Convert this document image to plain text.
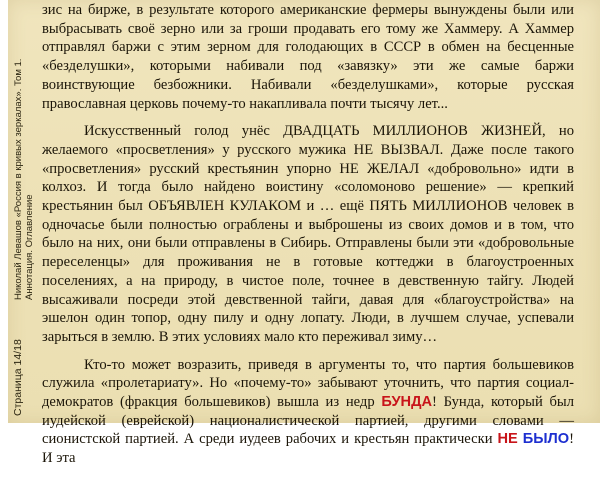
Страница 14/18
Николай Левашов «Россия в кривых зеркалах». Том 1. Аннотация. Оглавление

зис на бирже, в результате которого американские фермеры вынуждены были или выбрасывать своё зерно или за гроши продавать его тому же Хаммеру. А Хаммер отправлял баржи с этим зерном для голодающих в СССР в обмен на бесценные «безделушки», которыми набивали под «завязку» эти же самые баржи воинствующие безбожники. Набивали «безделушками», которые русская православная церковь почему-то накапливала почти тысячу лет...

Искусственный голод унёс ДВАДЦАТЬ МИЛЛИОНОВ ЖИЗНЕЙ, но желаемого «просветления» у русского мужика НЕ ВЫЗВАЛ. Даже после такого «просветления» русский крестьянин упорно НЕ ЖЕЛАЛ «добровольно» идти в колхоз. И тогда было найдено воистину «соломоново решение» — крепкий крестьянин был ОБЪЯВЛЕН КУЛАКОМ и … ещё ПЯТЬ МИЛЛИОНОВ человек в одночасье были полностью ограблены и выброшены из своих домов и в том, что было на них, они были отправлены в Сибирь. Отправлены были эти «добровольные переселенцы» для проживания не в готовые коттеджи в благоустроенных поселениях, а на природу, в чистое поле, точнее в девственную тайгу. Людей высаживали посреди этой девственной тайги, давая для «благоустройства» на эшелон один топор, одну пилу и одну лопату. Люди, в лучшем случае, успевали зарыться в землю. В этих условиях мало кто переживал зиму…

Кто-то может возразить, приведя в аргументы то, что партия большевиков служила «пролетариату». Но «почему-то» забывают уточнить, что партия социал-демократов (фракция большевиков) вышла из недр БУНДА! Бунда, который был иудейской (еврейской) националистической партией, другими словами — сионистской партией. А среди иудеев рабочих и крестьян практически НЕ БЫЛО! И эта
